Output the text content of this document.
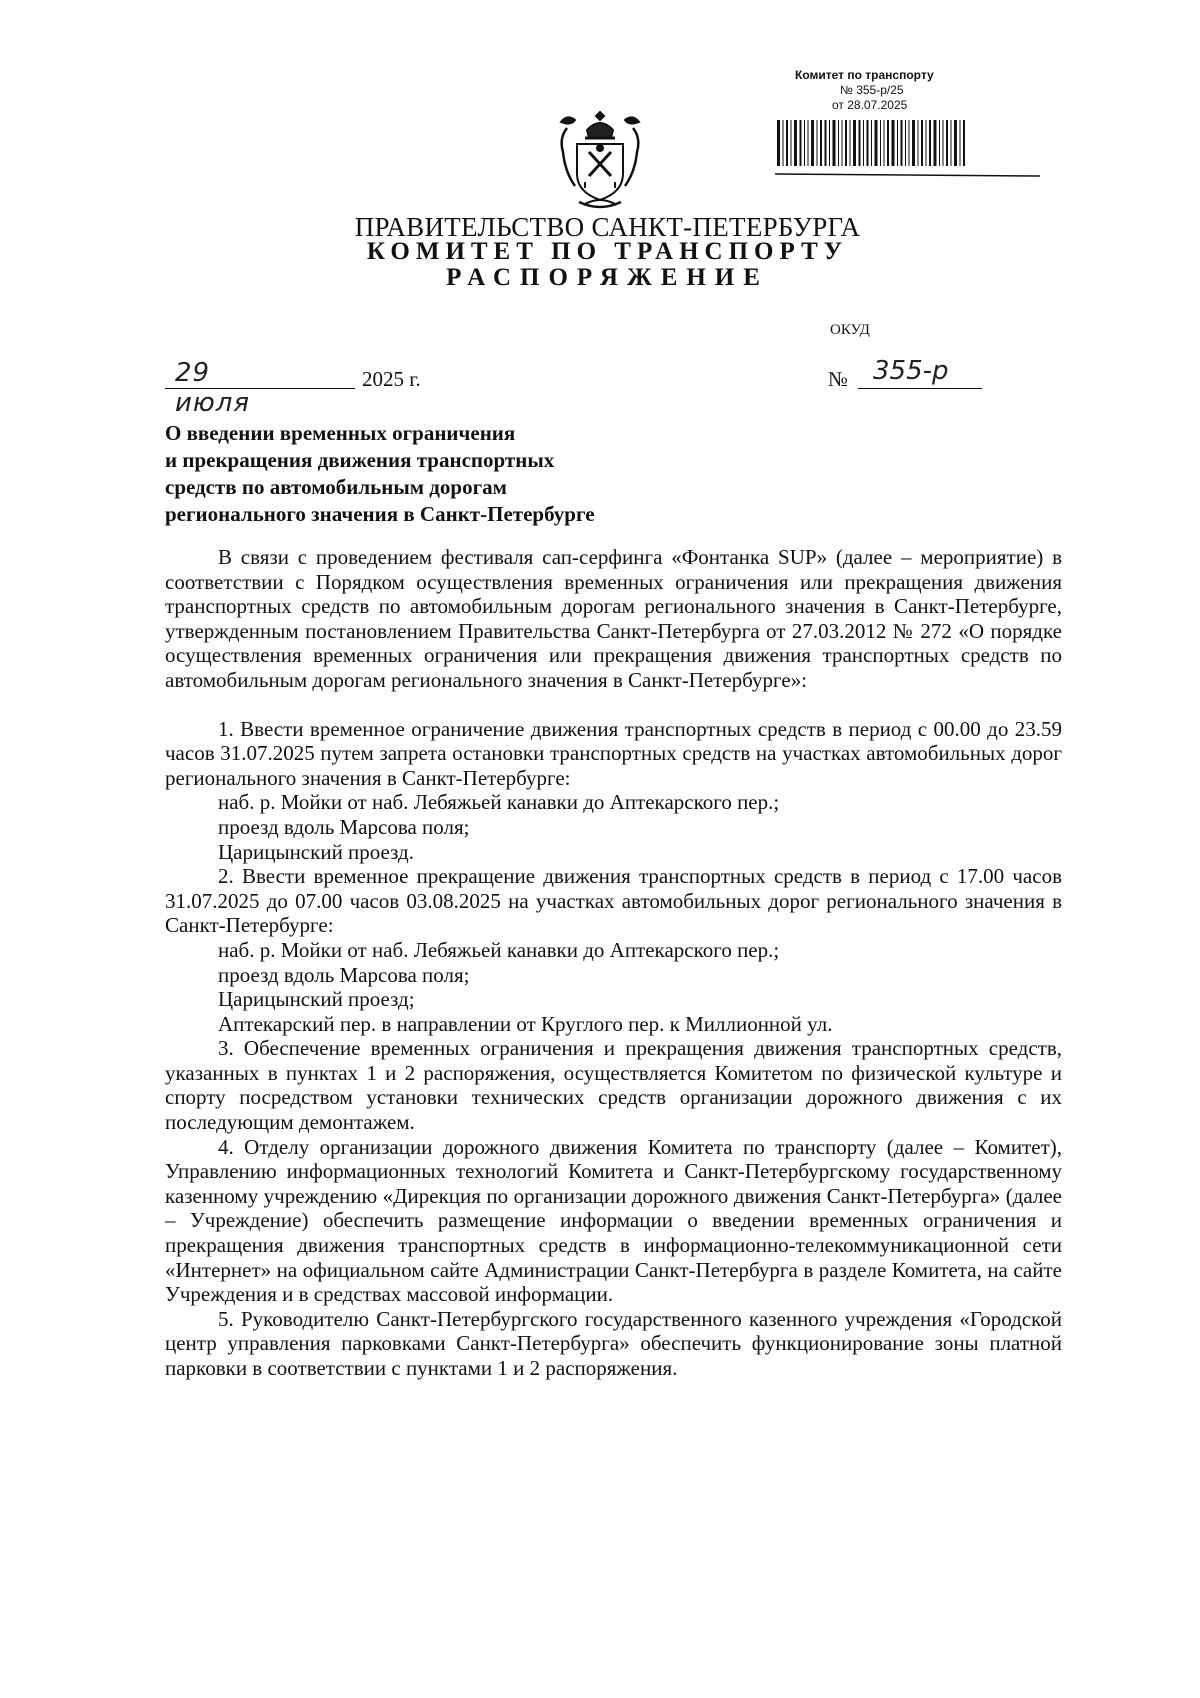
Комитет по транспорту
№ 355-р/25
от 28.07.2025
ПРАВИТЕЛЬСТВО САНКТ-ПЕТЕРБУРГА
КОМИТЕТ ПО ТРАНСПОРТУ
РАСПОРЯЖЕНИЕ
ОКУД
29 июля
2025 г.	№ 355-р
О введении временных ограничения
и прекращения движения транспортных
средств по автомобильным дорогам
регионального значения в Санкт-Петербурге

В связи с проведением фестиваля сап-серфинга «Фонтанка SUP» (далее – мероприятие) в соответствии с Порядком осуществления временных ограничения или прекращения движения транспортных средств по автомобильным дорогам регионального значения в Санкт-Петербурге, утвержденным постановлением Правительства Санкт-Петербурга от 27.03.2012 № 272 «О порядке осуществления временных ограничения или прекращения движения транспортных средств по автомобильным дорогам регионального значения в Санкт-Петербурге»:

1. Ввести временное ограничение движения транспортных средств в период с 00.00 до 23.59 часов 31.07.2025 путем запрета остановки транспортных средств на участках автомобильных дорог регионального значения в Санкт-Петербурге:

наб. р. Мойки от наб. Лебяжьей канавки до Аптекарского пер.;
проезд вдоль Марсова поля;
Царицынский проезд.

2. Ввести временное прекращение движения транспортных средств в период с 17.00 часов 31.07.2025 до 07.00 часов 03.08.2025 на участках автомобильных дорог регионального значения в Санкт-Петербурге:

наб. р. Мойки от наб. Лебяжьей канавки до Аптекарского пер.;
проезд вдоль Марсова поля;
Царицынский проезд;
Аптекарский пер. в направлении от Круглого пер. к Миллионной ул.

3. Обеспечение временных ограничения и прекращения движения транспортных средств, указанных в пунктах 1 и 2 распоряжения, осуществляется Комитетом по физической культуре и спорту посредством установки технических средств организации дорожного движения с их последующим демонтажем.

4. Отделу организации дорожного движения Комитета по транспорту (далее – Комитет), Управлению информационных технологий Комитета и Санкт-Петербургскому государственному казенному учреждению «Дирекция по организации дорожного движения Санкт-Петербурга» (далее – Учреждение) обеспечить размещение информации о введении временных ограничения и прекращения движения транспортных средств в информационно-телекоммуникационной сети «Интернет» на официальном сайте Администрации Санкт-Петербурга в разделе Комитета, на сайте Учреждения и в средствах массовой информации.

5. Руководителю Санкт-Петербургского государственного казенного учреждения «Городской центр управления парковками Санкт-Петербурга» обеспечить функционирование зоны платной парковки в соответствии с пунктами 1 и 2 распоряжения.
